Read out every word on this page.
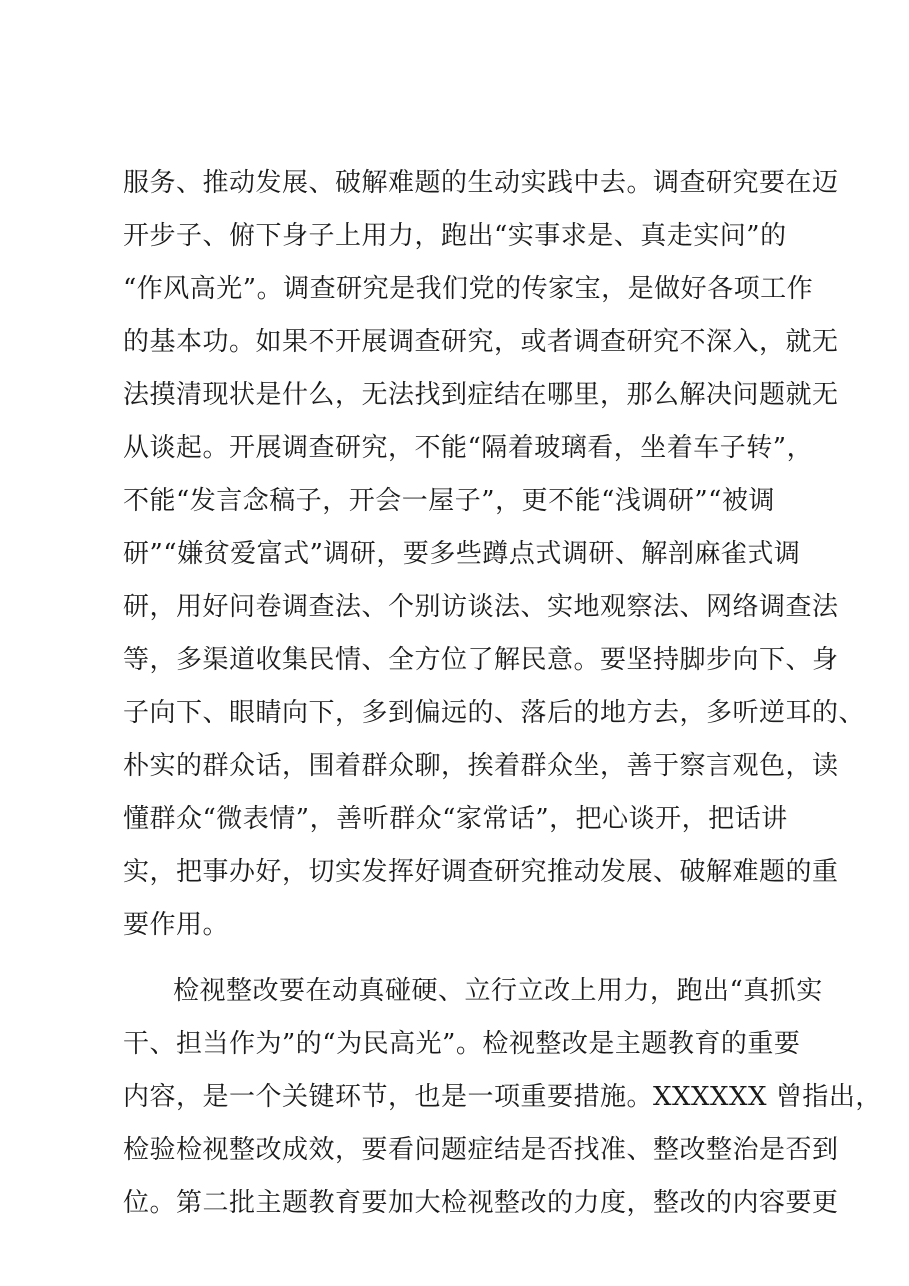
服务、推动发展、破解难题的生动实践中去。调查研究要在迈
开步子、俯下身子上用力，跑出“实事求是、真走实问”的
“作风高光”。调查研究是我们党的传家宝，是做好各项工作
的基本功。如果不开展调查研究，或者调查研究不深入，就无
法摸清现状是什么，无法找到症结在哪里，那么解决问题就无
从谈起。开展调查研究，不能“隔着玻璃看，坐着车子转”，
不能“发言念稿子，开会一屋子”，更不能“浅调研”“被调
研”“嫌贫爱富式”调研，要多些蹲点式调研、解剖麻雀式调
研，用好问卷调查法、个别访谈法、实地观察法、网络调查法
等，多渠道收集民情、全方位了解民意。要坚持脚步向下、身
子向下、眼睛向下，多到偏远的、落后的地方去，多听逆耳的、
朴实的群众话，围着群众聊，挨着群众坐，善于察言观色，读
懂群众“微表情”，善听群众“家常话”，把心谈开，把话讲
实，把事办好，切实发挥好调查研究推动发展、破解难题的重
要作用。
检视整改要在动真碰硬、立行立改上用力，跑出“真抓实
干、担当作为”的“为民高光”。检视整改是主题教育的重要
内容，是一个关键环节，也是一项重要措施。XXXXXX 曾指出，
检验检视整改成效，要看问题症结是否找准、整改整治是否到
位。第二批主题教育要加大检视整改的力度，整改的内容要更
